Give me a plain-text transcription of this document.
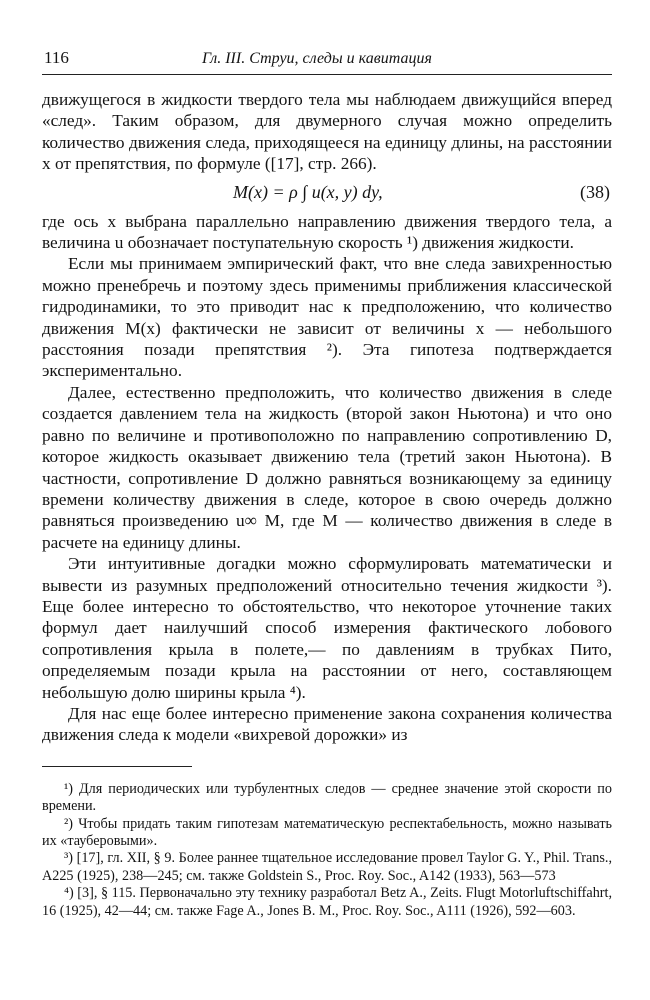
116	Гл. III. Струи, следы и кавитация

движущегося в жидкости твердого тела мы наблюдаем движущийся вперед «след». Таким образом, для двумерного случая можно определить количество движения следа, приходящееся на единицу длины, на расстоянии x от препятствия, по формуле ([17], стр. 266).

M(x) = ρ ∫ u(x, y) dy,	(38)

где ось x выбрана параллельно направлению движения твердого тела, а величина u обозначает поступательную скорость ¹) движения жидкости.

Если мы принимаем эмпирический факт, что вне следа завихренностью можно пренебречь и поэтому здесь применимы приближения классической гидродинамики, то это приводит нас к предположению, что количество движения M(x) фактически не зависит от величины x — небольшого расстояния позади препятствия ²). Эта гипотеза подтверждается экспериментально.

Далее, естественно предположить, что количество движения в следе создается давлением тела на жидкость (второй закон Ньютона) и что оно равно по величине и противоположно по направлению сопротивлению D, которое жидкость оказывает движению тела (третий закон Ньютона). В частности, сопротивление D должно равняться возникающему за единицу времени количеству движения в следе, которое в свою очередь должно равняться произведению u∞ M, где M — количество движения в следе в расчете на единицу длины.

Эти интуитивные догадки можно сформулировать математически и вывести из разумных предположений относительно течения жидкости ³). Еще более интересно то обстоятельство, что некоторое уточнение таких формул дает наилучший способ измерения фактического лобового сопротивления крыла в полете,— по давлениям в трубках Пито, определяемым позади крыла на расстоянии от него, составляющем небольшую долю ширины крыла ⁴).

Для нас еще более интересно применение закона сохранения количества движения следа к модели «вихревой дорожки» из

¹) Для периодических или турбулентных следов — среднее значение этой скорости по времени.

²) Чтобы придать таким гипотезам математическую респектабельность, можно называть их «тауберовыми».

³) [17], гл. XII, § 9. Более раннее тщательное исследование провел Taylor G. Y., Phil. Trans., A225 (1925), 238—245; см. также Goldstein S., Proc. Roy. Soc., A142 (1933), 563—573

⁴) [3], § 115. Первоначально эту технику разработал Betz A., Zeits. Flugt Motorluftschiffahrt, 16 (1925), 42—44; см. также Fage A., Jones B. M., Proc. Roy. Soc., A111 (1926), 592—603.
